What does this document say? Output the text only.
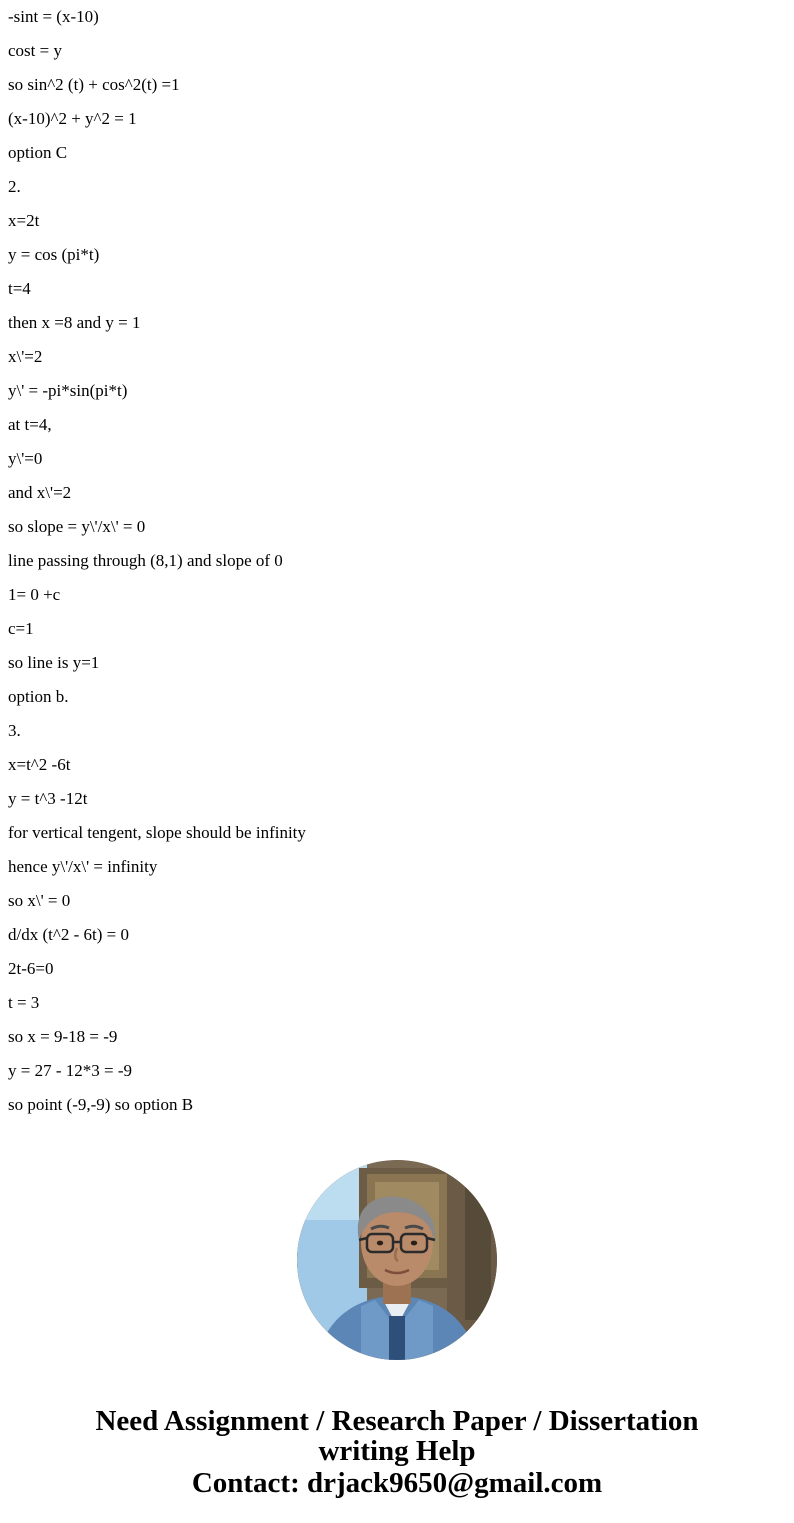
-sint = (x-10)
cost = y
so sin^2 (t) + cos^2(t) =1
(x-10)^2 + y^2 = 1
option C
2.
x=2t
y = cos (pi*t)
t=4
then x =8 and y = 1
x\'=2
y\' = -pi*sin(pi*t)
at t=4,
y\'=0
and x\'=2
so slope = y\'/x\' = 0
line passing through (8,1) and slope of 0
1= 0 +c
c=1
so line is y=1
option b.
3.
x=t^2 -6t
y = t^3 -12t
for vertical tengent, slope should be infinity
hence y\'/x\' = infinity
so x\' = 0
d/dx (t^2 - 6t) = 0
2t-6=0
t = 3
so x = 9-18 = -9
y = 27 - 12*3 = -9
so point (-9,-9) so option B
Need Assignment / Research Paper / Dissertation
writing Help
Contact: drjack9650@gmail.com
